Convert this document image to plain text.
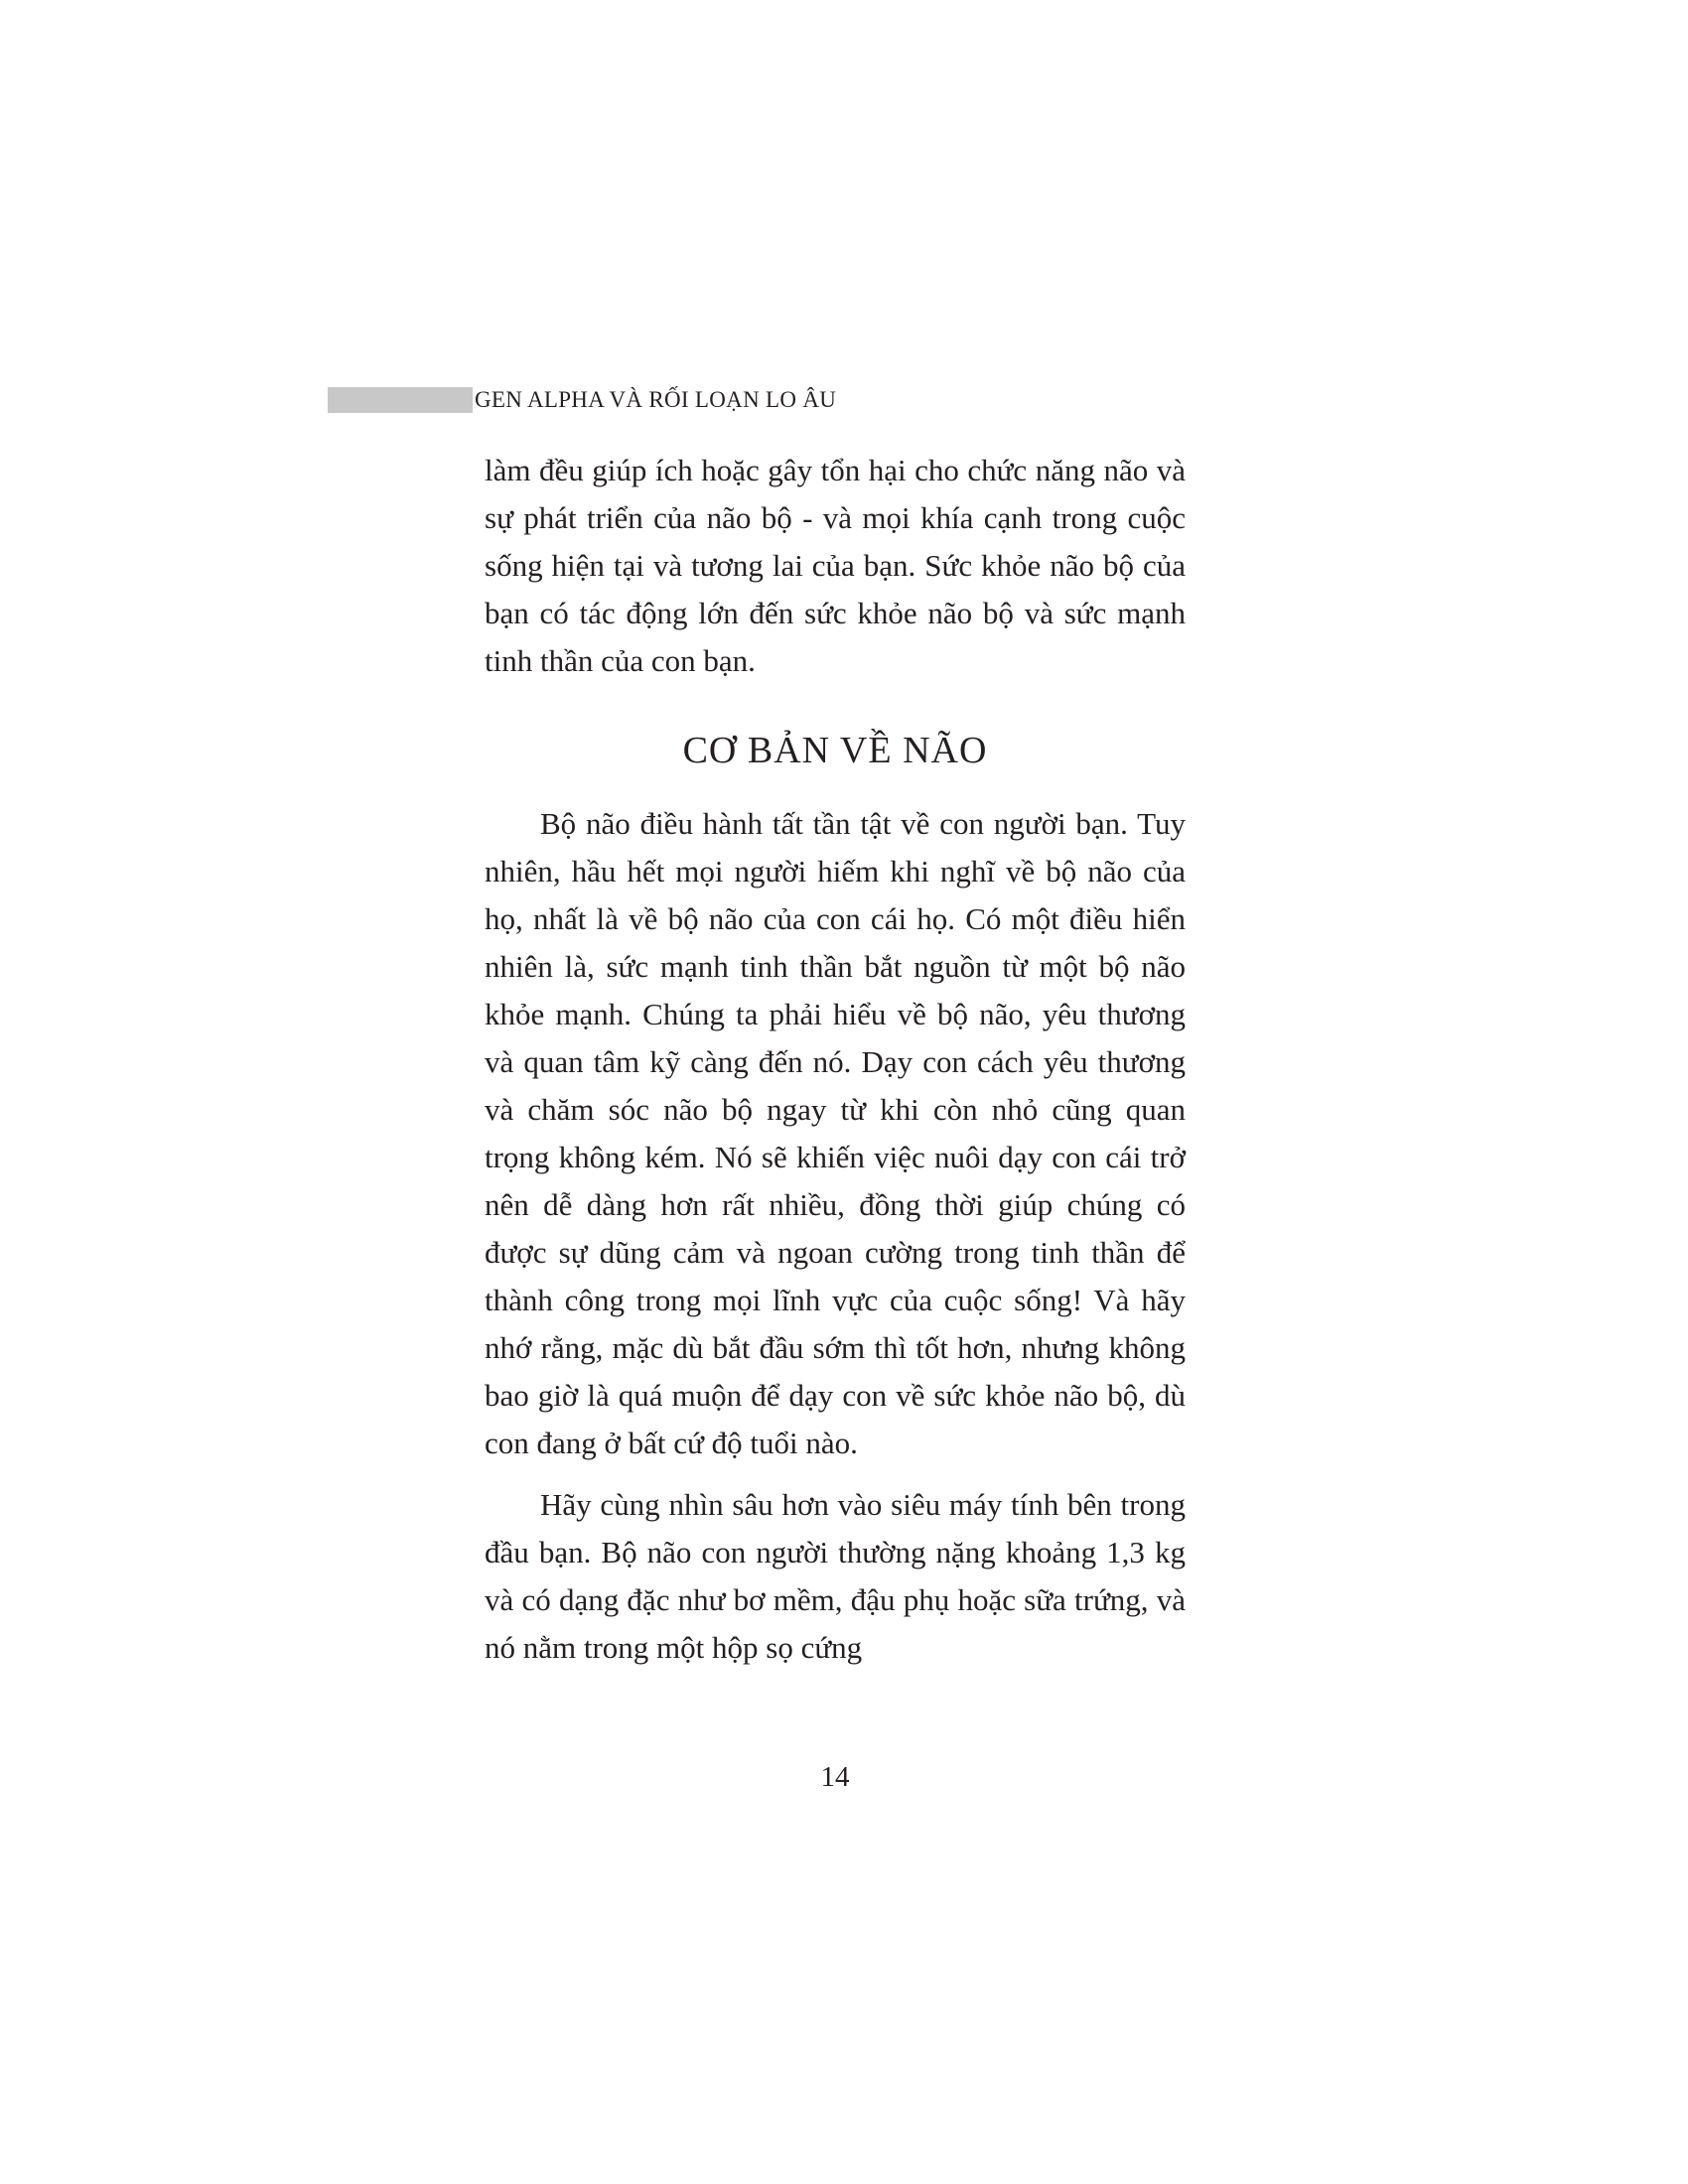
GEN ALPHA VÀ RỐI LOẠN LO ÂU

làm đều giúp ích hoặc gây tổn hại cho chức năng não và sự phát triển của não bộ - và mọi khía cạnh trong cuộc sống hiện tại và tương lai của bạn. Sức khỏe não bộ của bạn có tác động lớn đến sức khỏe não bộ và sức mạnh tinh thần của con bạn.

CƠ BẢN VỀ NÃO

Bộ não điều hành tất tần tật về con người bạn. Tuy nhiên, hầu hết mọi người hiếm khi nghĩ về bộ não của họ, nhất là về bộ não của con cái họ. Có một điều hiển nhiên là, sức mạnh tinh thần bắt nguồn từ một bộ não khỏe mạnh. Chúng ta phải hiểu về bộ não, yêu thương và quan tâm kỹ càng đến nó. Dạy con cách yêu thương và chăm sóc não bộ ngay từ khi còn nhỏ cũng quan trọng không kém. Nó sẽ khiến việc nuôi dạy con cái trở nên dễ dàng hơn rất nhiều, đồng thời giúp chúng có được sự dũng cảm và ngoan cường trong tinh thần để thành công trong mọi lĩnh vực của cuộc sống! Và hãy nhớ rằng, mặc dù bắt đầu sớm thì tốt hơn, nhưng không bao giờ là quá muộn để dạy con về sức khỏe não bộ, dù con đang ở bất cứ độ tuổi nào.

Hãy cùng nhìn sâu hơn vào siêu máy tính bên trong đầu bạn. Bộ não con người thường nặng khoảng 1,3 kg và có dạng đặc như bơ mềm, đậu phụ hoặc sữa trứng, và nó nằm trong một hộp sọ cứng

14
